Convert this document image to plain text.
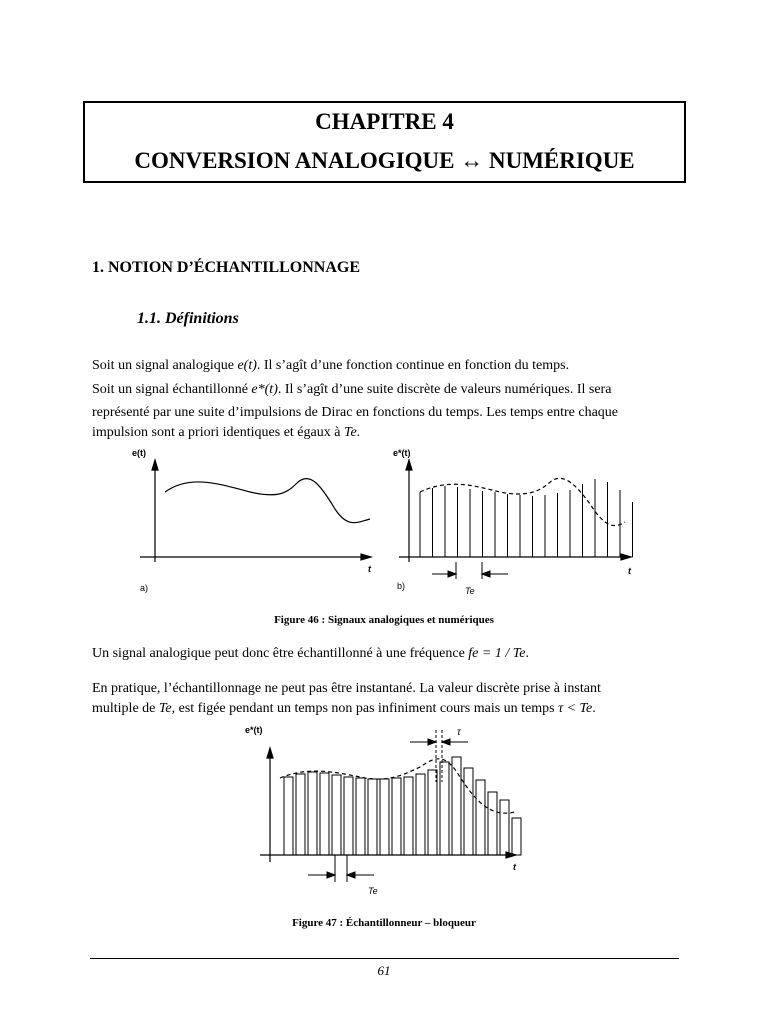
CHAPITRE 4
CONVERSION ANALOGIQUE ↔ NUMÉRIQUE
1. NOTION D’ÉCHANTILLONNAGE
1.1. Définitions
Soit un signal analogique e(t). Il s’agît d’une fonction continue en fonction du temps.
Soit un signal échantillonné e*(t). Il s’agît d’une suite discrète de valeurs numériques. Il sera
représenté par une suite d’impulsions de Dirac en fonctions du temps. Les temps entre chaque
impulsion sont a priori identiques et égaux à Te.
e(t)
t
a)
e*(t)
t
b)	Te
Figure 46 : Signaux analogiques et numériques
Un signal analogique peut donc être échantillonné à une fréquence fe = 1 / Te.
En pratique, l’échantillonnage ne peut pas être instantané. La valeur discrète prise à instant
multiple de Te, est figée pendant un temps non pas infiniment cours mais un temps τ < Te.
e*(t)
t
τ
Te
Figure 47 : Échantillonneur – bloqueur
61
